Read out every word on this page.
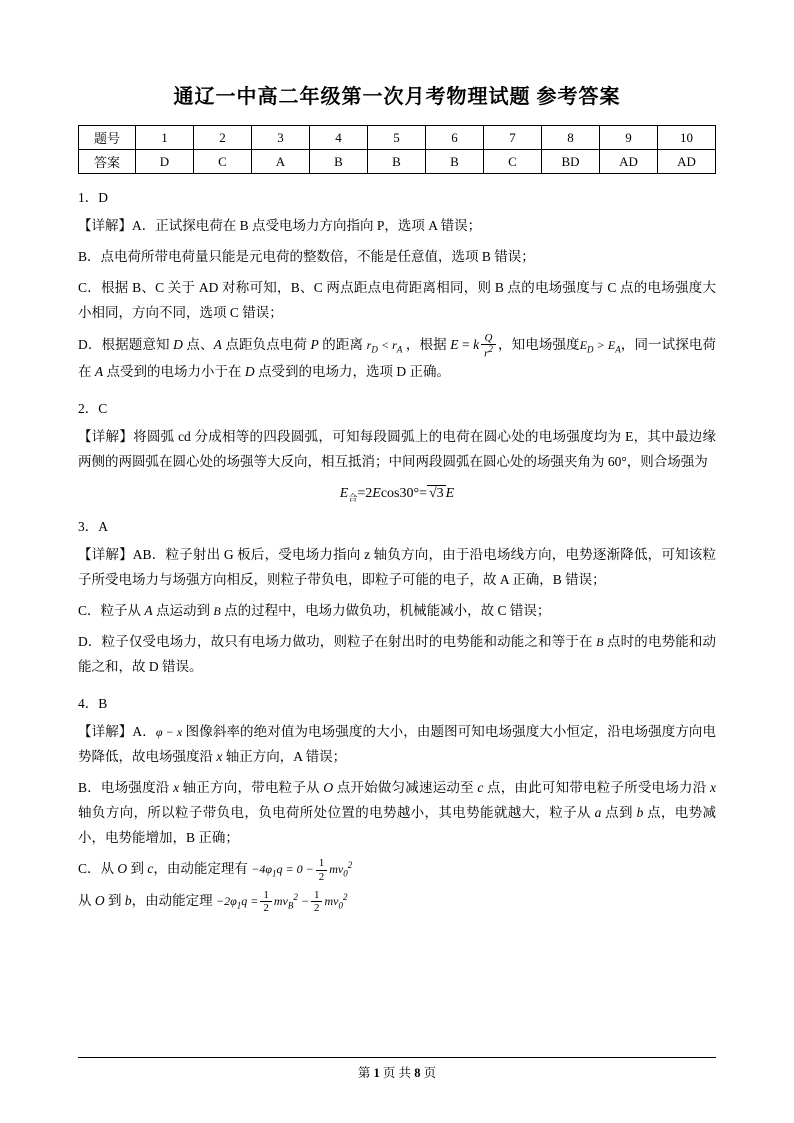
通辽一中高二年级第一次月考物理试题 参考答案
题号	1	2	3	4	5	6	7	8	9	10
答案	D	C	A	B	B	B	C	BD	AD	AD
1．D
【详解】A．正试探电荷在 B 点受电场力方向指向 P，选项 A 错误；
B．点电荷所带电荷量只能是元电荷的整数倍，不能是任意值，选项 B 错误；
C．根据 B、C 关于 AD 对称可知，B、C 两点距点电荷距离相同，则 B 点的电场强度与 C 点的电场强度大小相同，方向不同，选项 C 错误；
D．根据题意知 D 点、A 点距负点电荷 P 的距离 $r_D < r_A$ ，根据 E = k $\frac{Q}{r^2}$ ，知电场强度$E_D > E_A$，同一试探电荷在 A 点受到的电场力小于在 D 点受到的电场力，选项 D 正确。
2．C
【详解】将圆弧 cd 分成相等的四段圆弧，可知每段圆弧上的电荷在圆心处的电场强度均为 E，其中最边缘两侧的两圆弧在圆心处的场强等大反向，相互抵消；中间两段圆弧在圆心处的场强夹角为 60°，则合场强为
$E_合=2Ecos30^\circ= √3$ E
3．A
【详解】AB．粒子射出 G 板后，受电场力指向 z 轴负方向，由于沿电场线方向，电势逐渐降低，可知该粒子所受电场力与场强方向相反，则粒子带负电，即粒子可能的电子，故 A 正确，B 错误；
C．粒子从 A 点运动到 B 点的过程中，电场力做负功，机械能减小，故 C 错误；
D．粒子仅受电场力，故只有电场力做功，则粒子在射出时的电势能和动能之和等于在 B 点时的电势能和动能之和，故 D 错误。
4．B
【详解】A．φ − x 图像斜率的绝对值为电场强度的大小，由题图可知电场强度大小恒定，沿电场强度方向电势降低，故电场强度沿 x 轴正方向，A 错误；
B．电场强度沿 x 轴正方向，带电粒子从 O 点开始做匀减速运动至 c 点，由此可知带电粒子所受电场力沿 x 轴负方向，所以粒子带负电，负电荷所处位置的电势越小，其电势能就越大，粒子从 a 点到 b 点，电势减小，电势能增加，B 正确；
C．从 O 到 c，由动能定理有 $-4\varphi_1q = 0 - \frac{1}{2} mv_0^2$
从 O 到 b，由动能定理 $-2\varphi_1q = \frac{1}{2} mv_B^2 - \frac{1}{2} mv_0^2$
第 1 页 共 8 页
